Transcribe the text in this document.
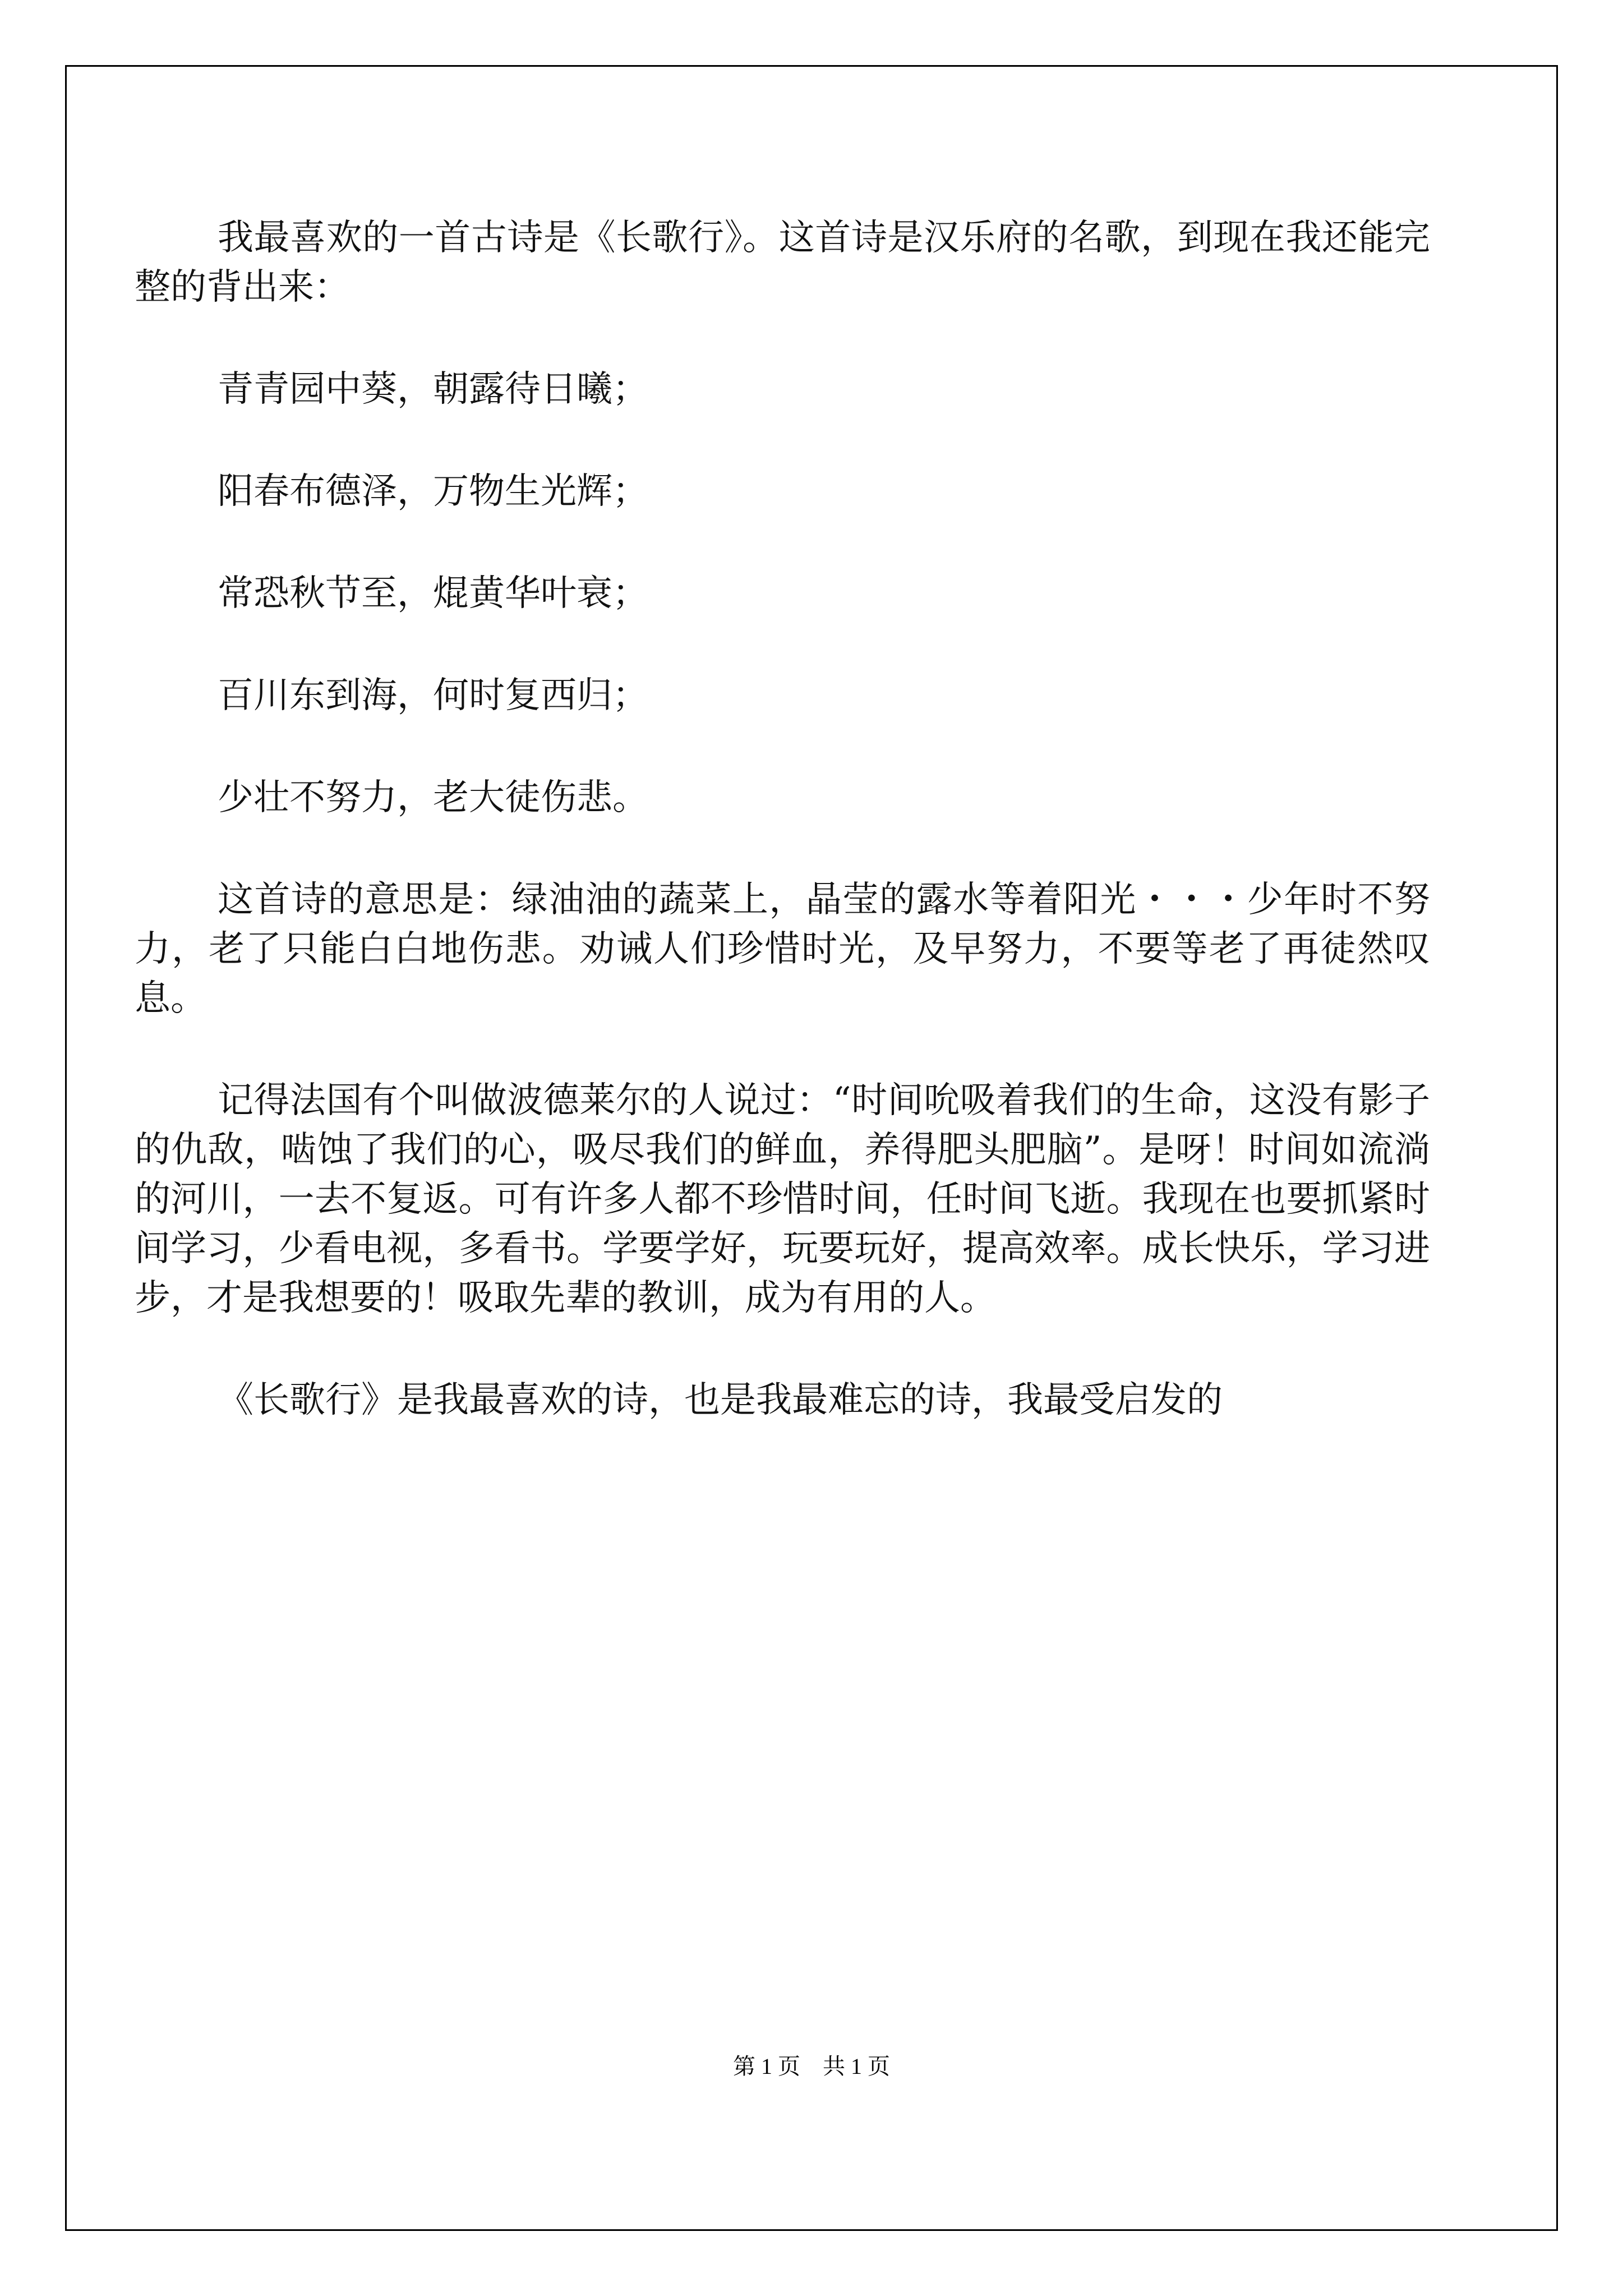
我最喜欢的一首古诗是《长歌行》。这首诗是汉乐府的名歌，到现在我还能完整的背出来：

青青园中葵，朝露待日曦；

阳春布德泽，万物生光辉；

常恐秋节至，焜黄华叶衰；

百川东到海，何时复西归；

少壮不努力，老大徒伤悲。

这首诗的意思是：绿油油的蔬菜上，晶莹的露水等着阳光・・・少年时不努力，老了只能白白地伤悲。劝诫人们珍惜时光，及早努力，不要等老了再徒然叹息。

记得法国有个叫做波德莱尔的人说过：“时间吮吸着我们的生命，这没有影子的仇敌，啮蚀了我们的心，吸尽我们的鲜血，养得肥头肥脑”。是呀！时间如流淌的河川，一去不复返。可有许多人都不珍惜时间，任时间飞逝。我现在也要抓紧时间学习，少看电视，多看书。学要学好，玩要玩好，提高效率。成长快乐，学习进步，才是我想要的！吸取先辈的教训，成为有用的人。

《长歌行》是我最喜欢的诗，也是我最难忘的诗，我最受启发的

第 1 页    共 1 页
